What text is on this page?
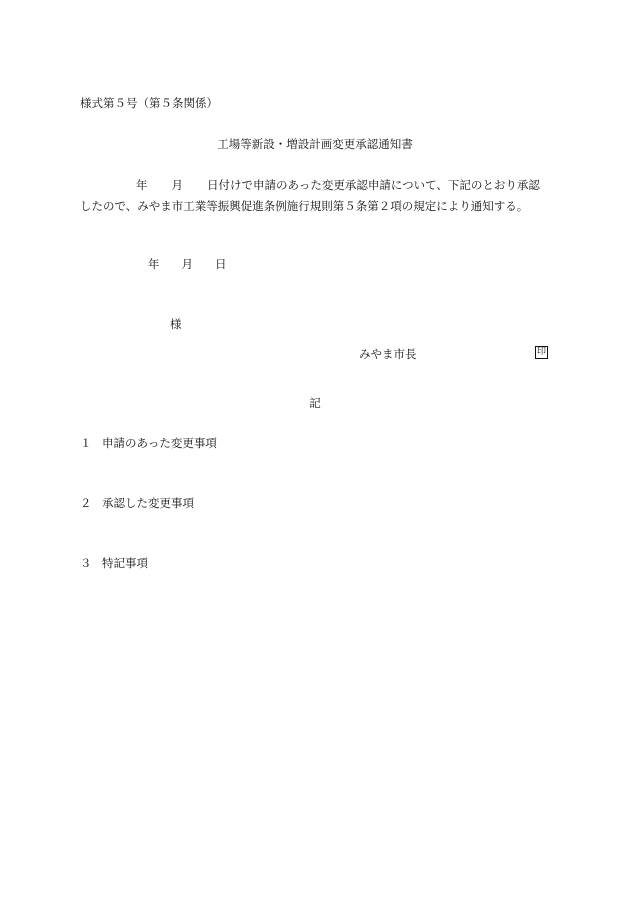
様式第５号（第５条関係）
工場等新設・増設計画変更承認通知書
年 月 日付けで申請のあった変更承認申請について、下記のとおり承認
したので、みやま市工業等振興促進条例施行規則第５条第２項の規定により通知する。
年 月 日
様
みやま市長	印
記
１ 申請のあった変更事項
２ 承認した変更事項
３ 特記事項
